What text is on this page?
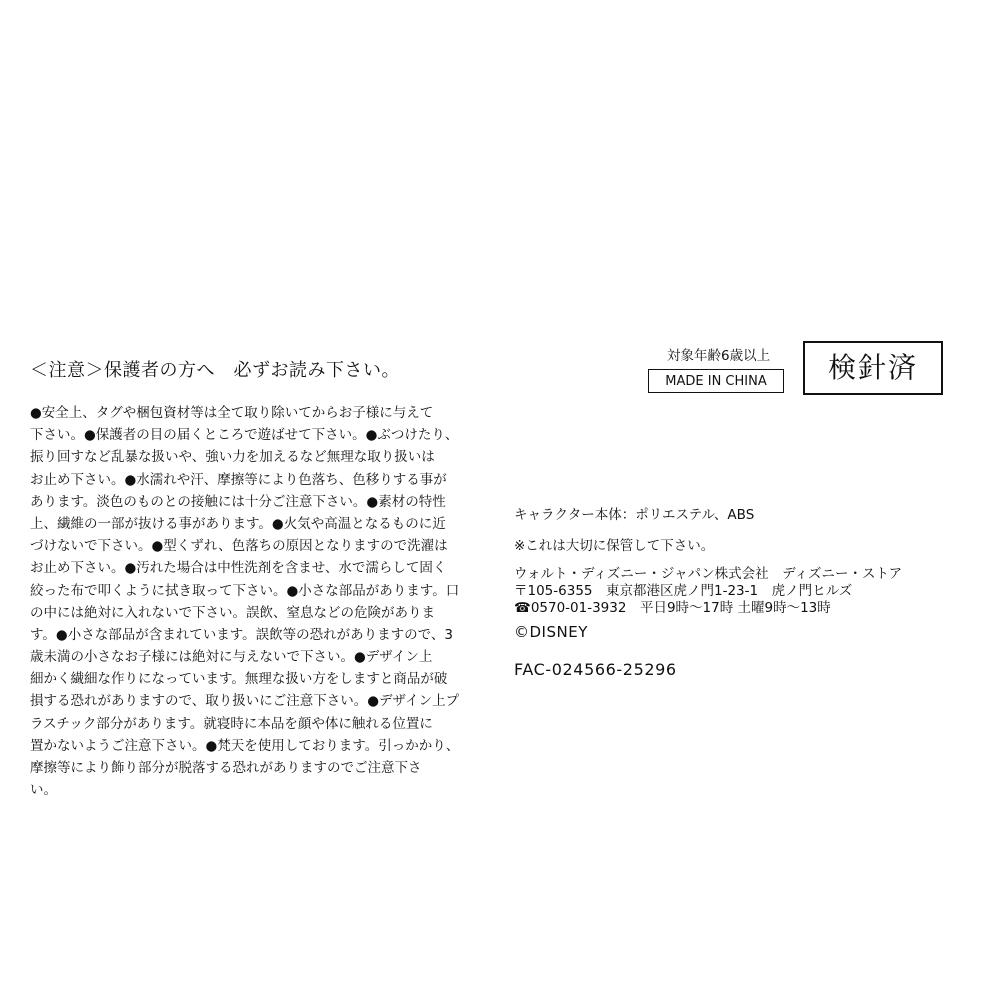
＜注意＞保護者の方へ　必ずお読み下さい。
●安全上、タグや梱包資材等は全て取り除いてからお子様に与えて
下さい。●保護者の目の届くところで遊ばせて下さい。●ぶつけたり、
振り回すなど乱暴な扱いや、強い力を加えるなど無理な取り扱いは
お止め下さい。●水濡れや汗、摩擦等により色落ち、色移りする事が
あります。淡色のものとの接触には十分ご注意下さい。●素材の特性
上、繊維の一部が抜ける事があります。●火気や高温となるものに近
づけないで下さい。●型くずれ、色落ちの原因となりますので洗濯は
お止め下さい。●汚れた場合は中性洗剤を含ませ、水で濡らして固く
絞った布で叩くように拭き取って下さい。●小さな部品があります。口
の中には絶対に入れないで下さい。誤飲、窒息などの危険がありま
す。●小さな部品が含まれています。誤飲等の恐れがありますので、3
歳未満の小さなお子様には絶対に与えないで下さい。●デザイン上
細かく繊細な作りになっています。無理な扱い方をしますと商品が破
損する恐れがありますので、取り扱いにご注意下さい。●デザイン上プ
ラスチック部分があります。就寝時に本品を顔や体に触れる位置に
置かないようご注意下さい。●梵天を使用しております。引っかかり、
摩擦等により飾り部分が脱落する恐れがありますのでご注意下さ
い。
対象年齢6歳以上
MADE IN CHINA	検針済
キャラクター本体：ポリエステル、ABS
※これは大切に保管して下さい。
ウォルト・ディズニー・ジャパン株式会社　ディズニー・ストア
〒105-6355　東京都港区虎ノ門1-23-1　虎ノ門ヒルズ
☎0570-01-3932　平日9時〜17時 土曜9時〜13時
©DISNEY
FAC-024566-25296
